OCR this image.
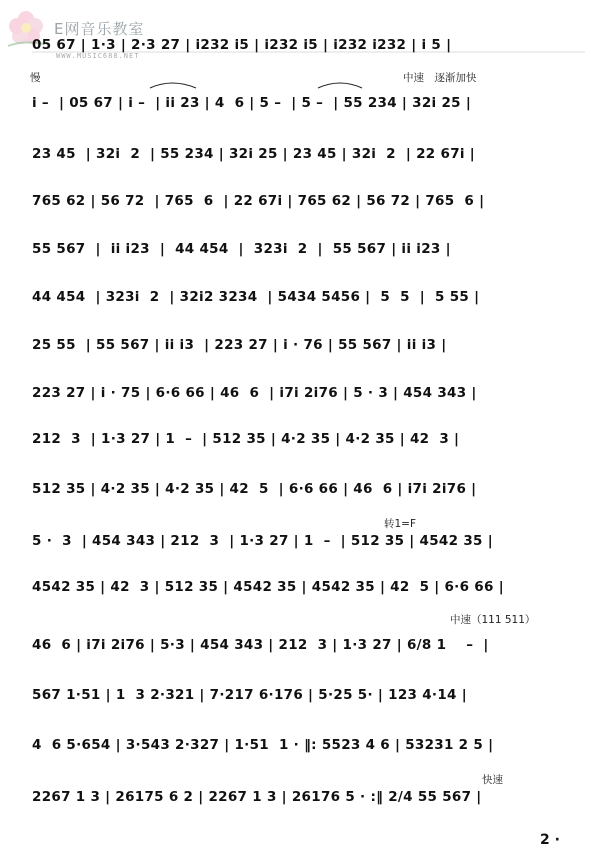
E网音乐教室
WWW.MUSIC688.NET
慢	中速　逐渐加快
转1=F
中速（111 511）
快速
05 67 | 1·3 | 2·3 27 | i232 i5 | i232 i5 | i232 i232 | i 5 |
i –  | 05 67 | i –  | ii 23 | 4  6 | 5 –  | 5 –  | 55 234 | 32i 25 |
23 45  | 32i  2  | 55 234 | 32i 25 | 23 45 | 32i  2  | 22 67i |
765 62 | 56 72  | 765  6  | 22 67i | 765 62 | 56 72 | 765  6 |
55 567  |  ii i23  |  44 454  |  323i  2  |  55 567 | ii i23 |
44 454  | 323i  2  | 32i2 3234  | 5434 5456 |  5  5  |  5 55 |
25 55  | 55 567 | ii i3  | 223 27 | i · 76 | 55 567 | ii i3 |
223 27 | i · 75 | 6·6 66 | 46  6  | i7i 2i76 | 5 · 3 | 454 343 |
212  3  | 1·3 27 | 1  –  | 512 35 | 4·2 35 | 4·2 35 | 42  3 |
512 35 | 4·2 35 | 4·2 35 | 42  5  | 6·6 66 | 46  6 | i7i 2i76 |
5 ·  3  | 454 343 | 212  3  | 1·3 27 | 1  –  | 512 35 | 4542 35 |
4542 35 | 42  3 | 512 35 | 4542 35 | 4542 35 | 42  5 | 6·6 66 |
46  6 | i7i 2i76 | 5·3 | 454 343 | 212  3 | 1·3 27 | 6/8 1    –  |
567 1·51 | 1  3 2·321 | 7·217 6·176 | 5·25 5· | 123 4·14 |
4  6 5·654 | 3·543 2·327 | 1·51  1 · ‖: 5523 4 6 | 53231 2 5 |
2267 1 3 | 26175 6 2 | 2267 1 3 | 26176 5 · :‖ 2/4 55 567 |
2 ·
